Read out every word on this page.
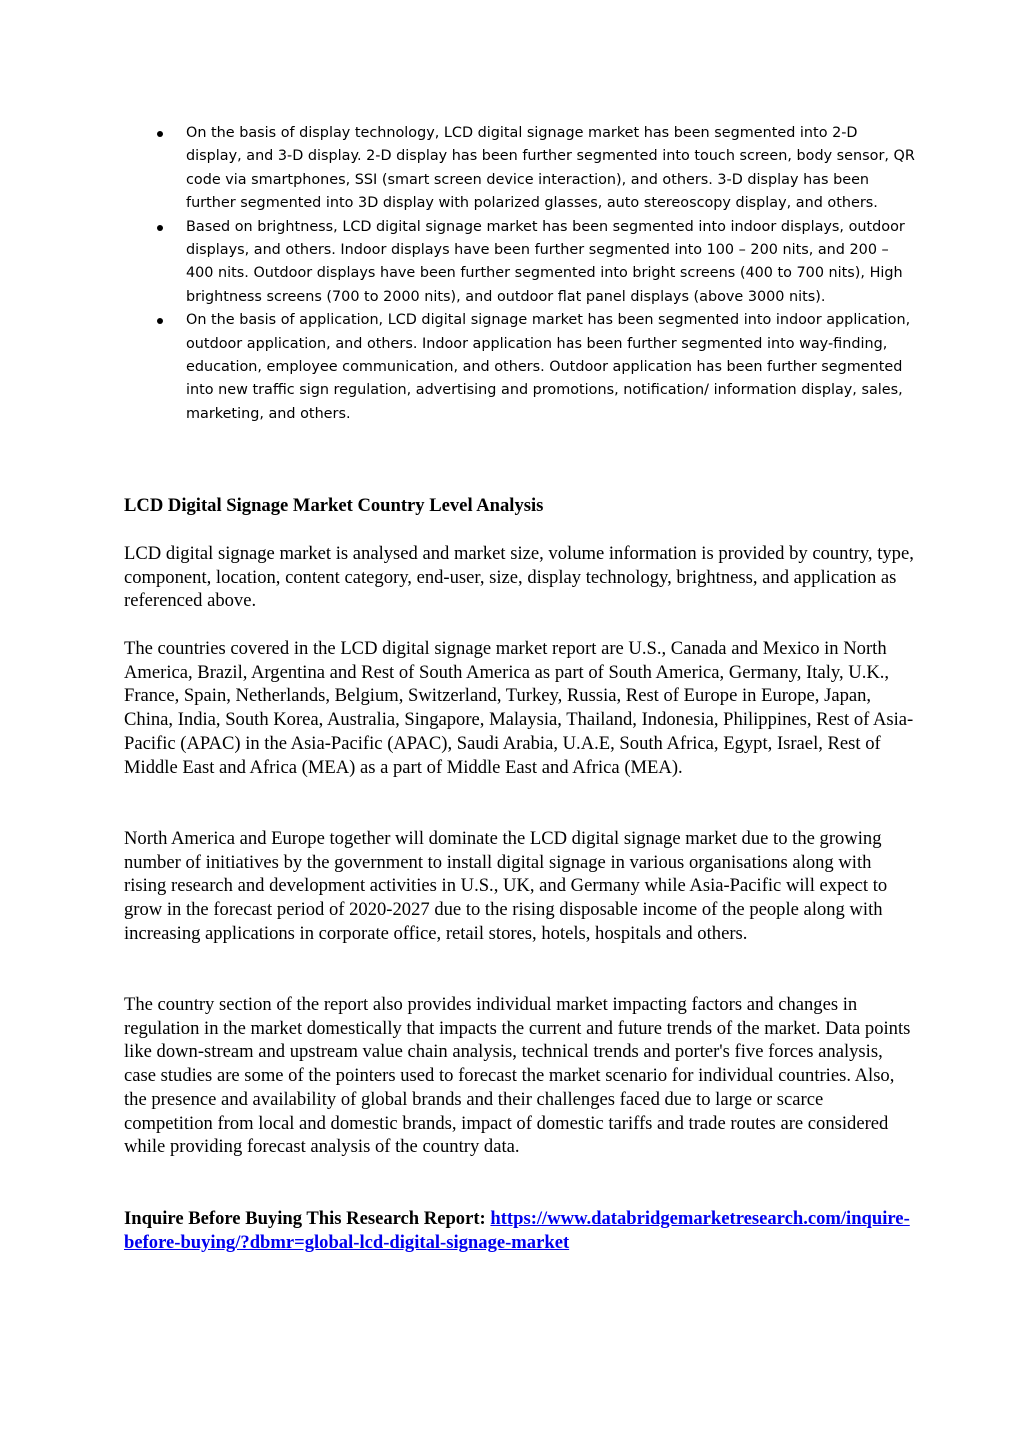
On the basis of display technology, LCD digital signage market has been segmented into 2-D display, and 3-D display. 2-D display has been further segmented into touch screen, body sensor, QR code via smartphones, SSI (smart screen device interaction), and others. 3-D display has been further segmented into 3D display with polarized glasses, auto stereoscopy display, and others.
Based on brightness, LCD digital signage market has been segmented into indoor displays, outdoor displays, and others. Indoor displays have been further segmented into 100 – 200 nits, and 200 – 400 nits. Outdoor displays have been further segmented into bright screens (400 to 700 nits), High brightness screens (700 to 2000 nits), and outdoor flat panel displays (above 3000 nits).
On the basis of application, LCD digital signage market has been segmented into indoor application, outdoor application, and others. Indoor application has been further segmented into way-finding, education, employee communication, and others. Outdoor application has been further segmented into new traffic sign regulation, advertising and promotions, notification/ information display, sales, marketing, and others.

LCD Digital Signage Market Country Level Analysis

LCD digital signage market is analysed and market size, volume information is provided by country, type, component, location, content category, end-user, size, display technology, brightness, and application as referenced above.

The countries covered in the LCD digital signage market report are U.S., Canada and Mexico in North America, Brazil, Argentina and Rest of South America as part of South America, Germany, Italy, U.K., France, Spain, Netherlands, Belgium, Switzerland, Turkey, Russia, Rest of Europe in Europe, Japan, China, India, South Korea, Australia, Singapore, Malaysia, Thailand, Indonesia, Philippines, Rest of Asia-Pacific (APAC) in the Asia-Pacific (APAC), Saudi Arabia, U.A.E, South Africa, Egypt, Israel, Rest of Middle East and Africa (MEA) as a part of Middle East and Africa (MEA).

North America and Europe together will dominate the LCD digital signage market due to the growing number of initiatives by the government to install digital signage in various organisations along with rising research and development activities in U.S., UK, and Germany while Asia-Pacific will expect to grow in the forecast period of 2020-2027 due to the rising disposable income of the people along with increasing applications in corporate office, retail stores, hotels, hospitals and others.

The country section of the report also provides individual market impacting factors and changes in regulation in the market domestically that impacts the current and future trends of the market. Data points like down-stream and upstream value chain analysis, technical trends and porter's five forces analysis, case studies are some of the pointers used to forecast the market scenario for individual countries. Also, the presence and availability of global brands and their challenges faced due to large or scarce competition from local and domestic brands, impact of domestic tariffs and trade routes are considered while providing forecast analysis of the country data.

Inquire Before Buying This Research Report: https://www.databridgemarketresearch.com/inquire-before-buying/?dbmr=global-lcd-digital-signage-market
